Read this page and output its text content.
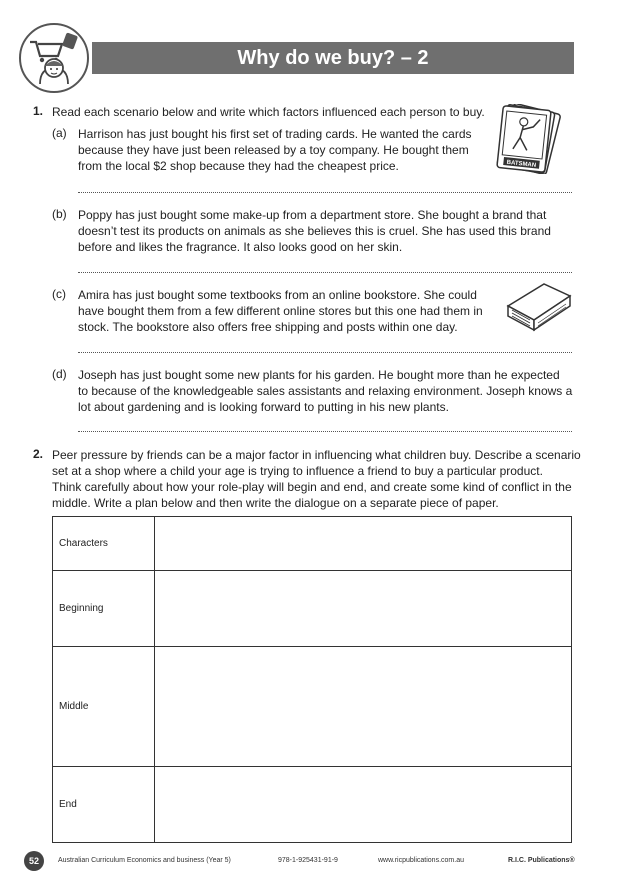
Why do we buy? – 2
1. Read each scenario below and write which factors influenced each person to buy.
(a) Harrison has just bought his first set of trading cards. He wanted the cards
because they have just been released by a toy company. He bought them
from the local $2 shop because they had the cheapest price.	BATSMAN
(b) Poppy has just bought some make-up from a department store. She bought a brand that
doesn’t test its products on animals as she believes this is cruel. She has used this brand
before and likes the fragrance. It also looks good on her skin.
(c) Amira has just bought some textbooks from an online bookstore. She could
have bought them from a few different online stores but this one had them in
stock. The bookstore also offers free shipping and posts within one day.
(d) Joseph has just bought some new plants for his garden. He bought more than he expected
to because of the knowledgeable sales assistants and relaxing environment. Joseph knows a
lot about gardening and is looking forward to putting in his new plants.
2. Peer pressure by friends can be a major factor in influencing what children buy. Describe a scenario
set at a shop where a child your age is trying to influence a friend to buy a particular product.
Think carefully about how your role-play will begin and end, and create some kind of conflict in the
middle. Write a plan below and then write the dialogue on a separate piece of paper.
Characters	
Beginning	
Middle	
End	
52	Australian Curriculum Economics and business (Year 5)	978-1-925431-91-9	www.ricpublications.com.au	R.I.C. Publications®
